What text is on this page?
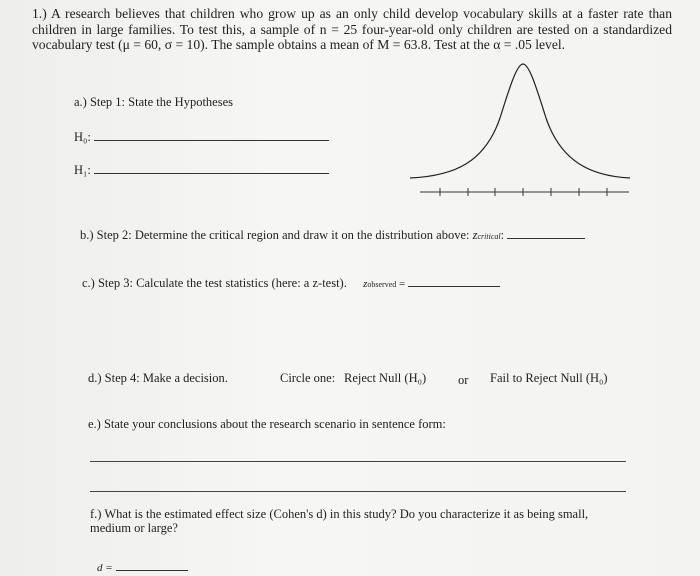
1.) A research believes that children who grow up as an only child develop vocabulary skills at a faster rate than children in large families. To test this, a sample of n = 25 four-year-old only children are tested on a standardized vocabulary test (μ = 60, σ = 10). The sample obtains a mean of M = 63.8. Test at the α = .05 level.
a.) Step 1: State the Hypotheses
H₀:
H₁:
b.) Step 2: Determine the critical region and draw it on the distribution above: zcritical:
c.) Step 3: Calculate the test statistics (here: a z-test). zobserved =
d.) Step 4: Make a decision.	Circle one: Reject Null (H₀)	or Fail to Reject Null (H₀)
e.) State your conclusions about the research scenario in sentence form:
f.) What is the estimated effect size (Cohen's d) in this study? Do you characterize it as being small,
medium or large?
d =
